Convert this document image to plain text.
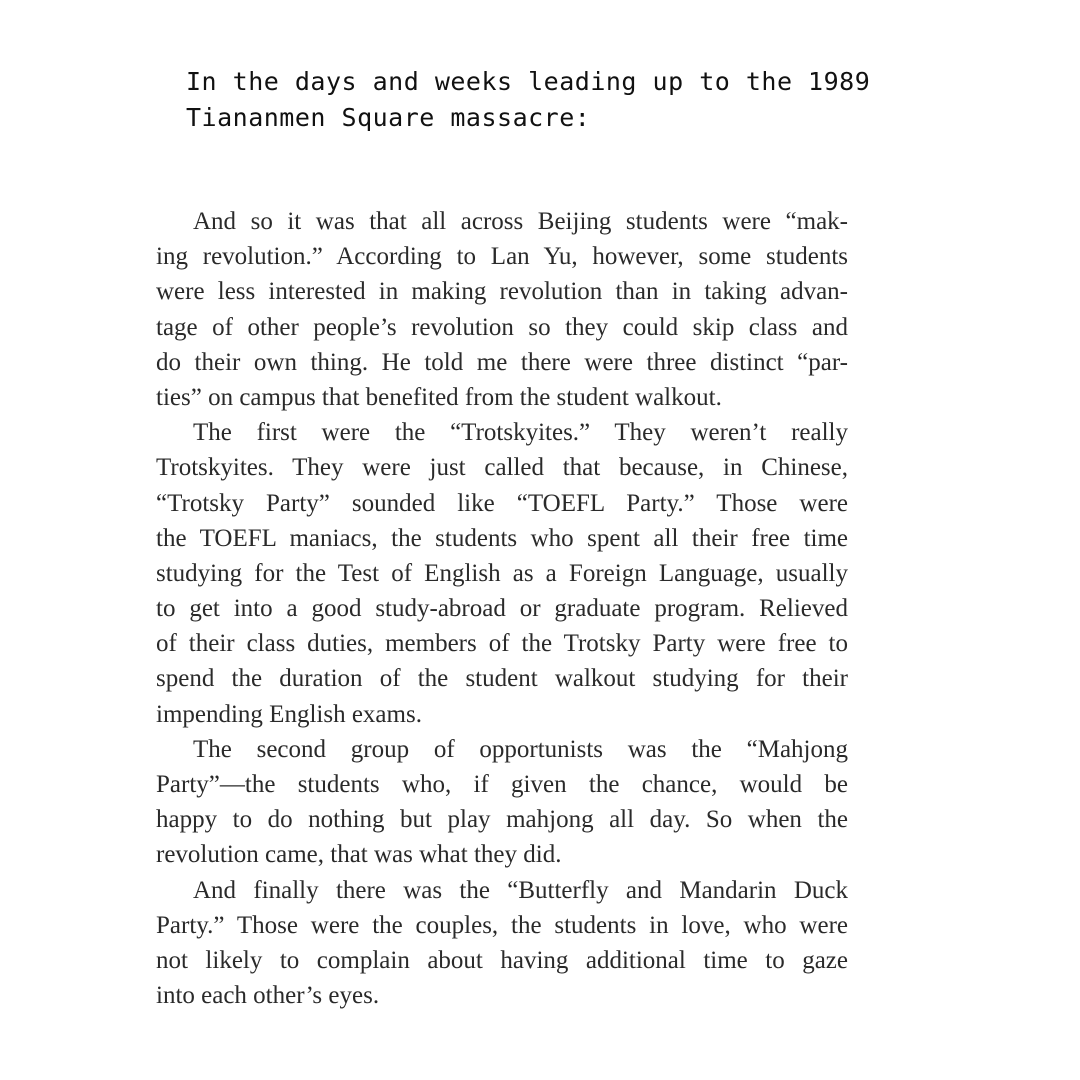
In the days and weeks leading up to the 1989
Tiananmen Square massacre:
And so it was that all across Beijing students were “mak-
ing revolution.” According to Lan Yu, however, some students
were less interested in making revolution than in taking advan-
tage of other people’s revolution so they could skip class and
do their own thing. He told me there were three distinct “par-
ties” on campus that benefited from the student walkout.
The first were the “Trotskyites.” They weren’t really
Trotskyites. They were just called that because, in Chinese,
“Trotsky Party” sounded like “TOEFL Party.” Those were
the TOEFL maniacs, the students who spent all their free time
studying for the Test of English as a Foreign Language, usually
to get into a good study-abroad or graduate program. Relieved
of their class duties, members of the Trotsky Party were free to
spend the duration of the student walkout studying for their
impending English exams.
The second group of opportunists was the “Mahjong
Party”—the students who, if given the chance, would be
happy to do nothing but play mahjong all day. So when the
revolution came, that was what they did.
And finally there was the “Butterfly and Mandarin Duck
Party.” Those were the couples, the students in love, who were
not likely to complain about having additional time to gaze
into each other’s eyes.
